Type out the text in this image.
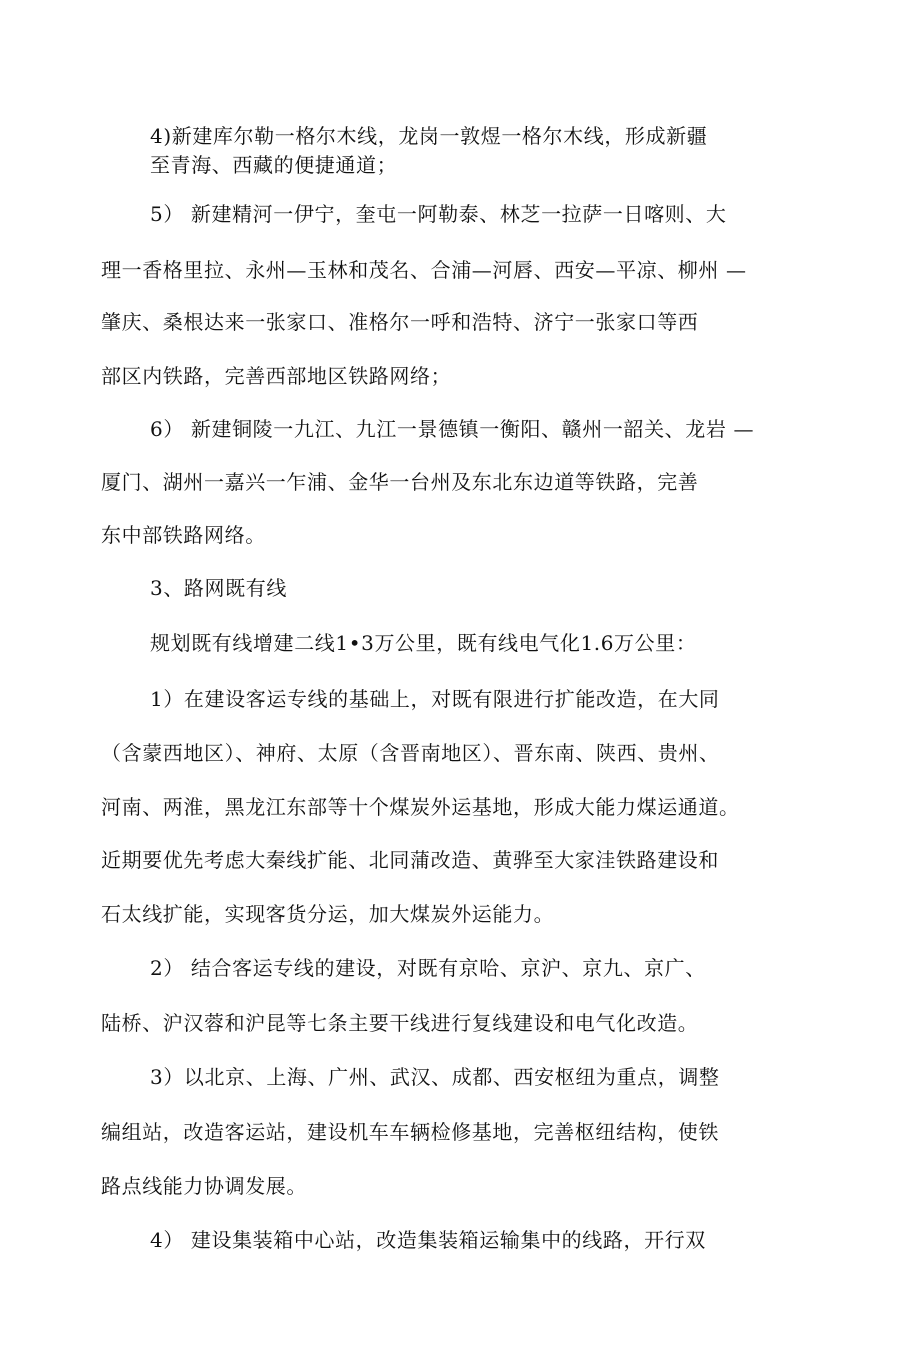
4)新建库尔勒一格尔木线，龙岗一敦煜一格尔木线，形成新疆
至青海、西藏的便捷通道；
5） 新建精河一伊宁，奎屯一阿勒泰、林芝一拉萨一日喀则、大
理一香格里拉、永州—玉林和茂名、合浦—河唇、西安—平凉、柳州 —
肇庆、桑根达来一张家口、准格尔一呼和浩特、济宁一张家口等西
部区内铁路，完善西部地区铁路网络；
6） 新建铜陵一九江、九江一景德镇一衡阳、赣州一韶关、龙岩 —
厦门、湖州一嘉兴一乍浦、金华一台州及东北东边道等铁路，完善
东中部铁路网络。
3、路网既有线
规划既有线增建二线1•3万公里，既有线电气化1.6万公里：
1）在建设客运专线的基础上，对既有限进行扩能改造，在大同
（含蒙西地区）、神府、太原（含晋南地区）、晋东南、陕西、贵州、
河南、两淮，黑龙江东部等十个煤炭外运基地，形成大能力煤运通道。
近期要优先考虑大秦线扩能、北同蒲改造、黄骅至大家洼铁路建设和
石太线扩能，实现客货分运，加大煤炭外运能力。
2） 结合客运专线的建设，对既有京哈、京沪、京九、京广、
陆桥、沪汉蓉和沪昆等七条主要干线进行复线建设和电气化改造。
3）以北京、上海、广州、武汉、成都、西安枢纽为重点，调整
编组站，改造客运站，建设机车车辆检修基地，完善枢纽结构，使铁
路点线能力协调发展。
4） 建设集装箱中心站，改造集装箱运输集中的线路，开行双
